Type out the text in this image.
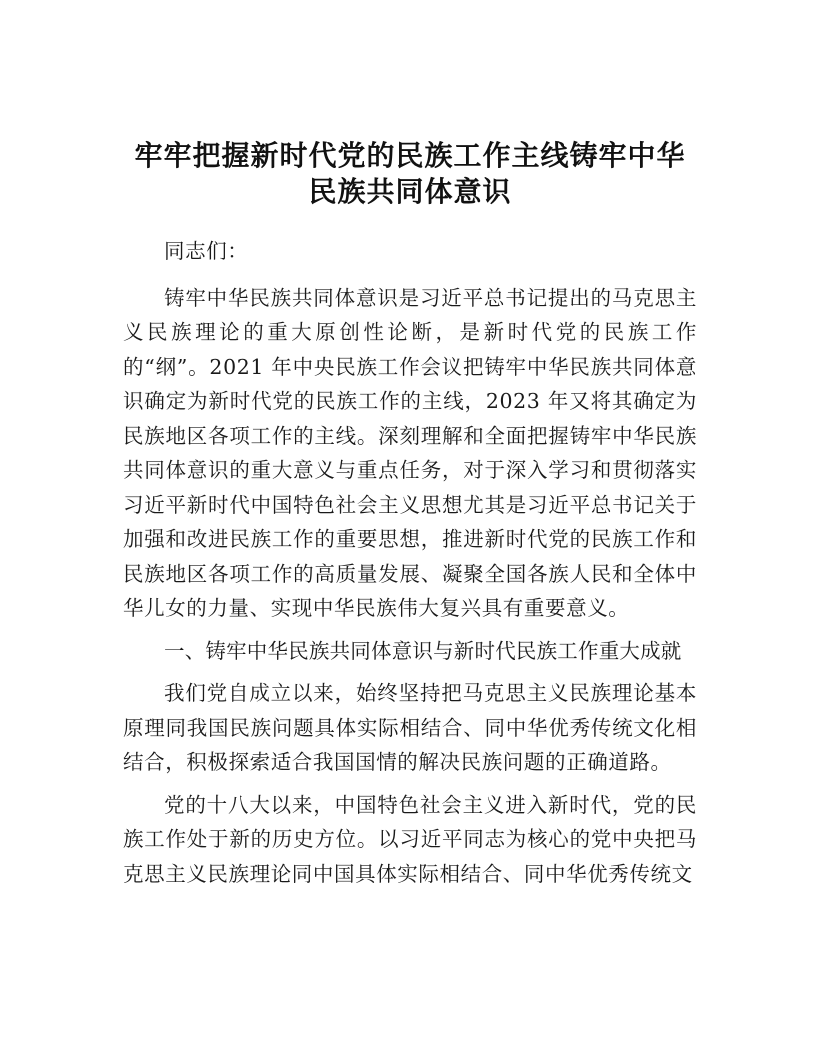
牢牢把握新时代党的民族工作主线铸牢中华民族共同体意识

同志们：

铸牢中华民族共同体意识是习近平总书记提出的马克思主义民族理论的重大原创性论断，是新时代党的民族工作的“纲”。2021 年中央民族工作会议把铸牢中华民族共同体意识确定为新时代党的民族工作的主线，2023 年又将其确定为民族地区各项工作的主线。深刻理解和全面把握铸牢中华民族共同体意识的重大意义与重点任务，对于深入学习和贯彻落实习近平新时代中国特色社会主义思想尤其是习近平总书记关于加强和改进民族工作的重要思想，推进新时代党的民族工作和民族地区各项工作的高质量发展、凝聚全国各族人民和全体中华儿女的力量、实现中华民族伟大复兴具有重要意义。

一、铸牢中华民族共同体意识与新时代民族工作重大成就

我们党自成立以来，始终坚持把马克思主义民族理论基本原理同我国民族问题具体实际相结合、同中华优秀传统文化相结合，积极探索适合我国国情的解决民族问题的正确道路。

党的十八大以来，中国特色社会主义进入新时代，党的民族工作处于新的历史方位。以习近平同志为核心的党中央把马克思主义民族理论同中国具体实际相结合、同中华优秀传统文
